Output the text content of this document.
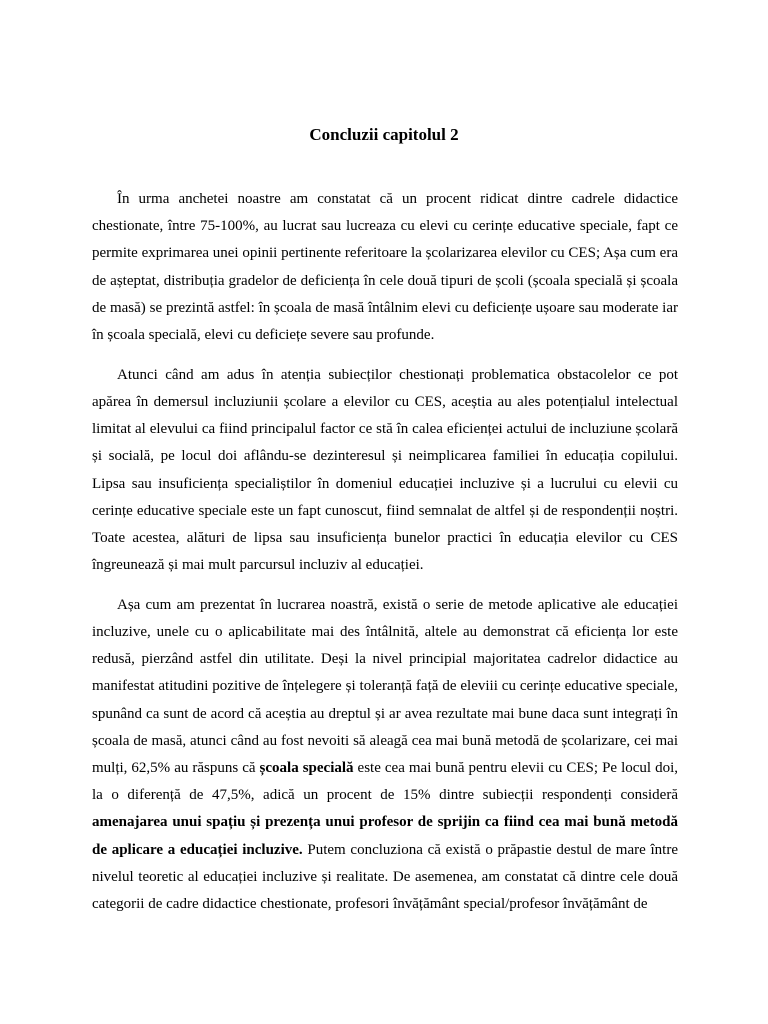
Concluzii capitolul 2

În urma anchetei noastre am constatat că un procent ridicat dintre cadrele didactice chestionate, între 75-100%, au lucrat sau lucreaza cu elevi cu cerințe educative speciale, fapt ce permite exprimarea unei opinii pertinente referitoare la școlarizarea elevilor cu CES; Așa cum era de așteptat, distribuția gradelor de deficiența în cele două tipuri de școli (școala specială și școala de masă) se prezintă astfel: în școala de masă întâlnim elevi cu deficiențe ușoare sau moderate iar în școala specială, elevi cu deficiețe severe sau profunde.

Atunci când am adus în atenția subiecților chestionați problematica obstacolelor ce pot apărea în demersul incluziunii școlare a elevilor cu CES, aceștia au ales potențialul intelectual limitat al elevului ca fiind principalul factor ce stă în calea eficienței actului de incluziune școlară și socială, pe locul doi aflându-se dezinteresul și neimplicarea familiei în educația copilului. Lipsa sau insuficiența specialiștilor în domeniul educației incluzive și a lucrului cu elevii cu cerințe educative speciale este un fapt cunoscut, fiind semnalat de altfel și de respondenții noștri. Toate acestea, alături de lipsa sau insuficiența bunelor practici în educația elevilor cu CES îngreunează și mai mult parcursul incluziv al educației.

Așa cum am prezentat în lucrarea noastră, există o serie de metode aplicative ale educației incluzive, unele cu o aplicabilitate mai des întâlnită, altele au demonstrat că eficiența lor este redusă, pierzând astfel din utilitate. Deși la nivel principial majoritatea cadrelor didactice au manifestat atitudini pozitive de înțelegere și toleranță față de eleviii cu cerințe educative speciale, spunând ca sunt de acord că aceștia au dreptul și ar avea rezultate mai bune daca sunt integrați în școala de masă, atunci când au fost nevoiti să aleagă cea mai bună metodă de școlarizare, cei mai mulți, 62,5% au răspuns că școala specială este cea mai bună pentru elevii cu CES; Pe locul doi, la o diferență de 47,5%, adică un procent de 15% dintre subiecții respondenți consideră amenajarea unui spațiu și prezența unui profesor de sprijin ca fiind cea mai bună metodă de aplicare a educației incluzive. Putem concluziona că există o prăpastie destul de mare între nivelul teoretic al educației incluzive și realitate. De asemenea, am constatat că dintre cele două categorii de cadre didactice chestionate, profesori învățământ special/profesor învățământ de
